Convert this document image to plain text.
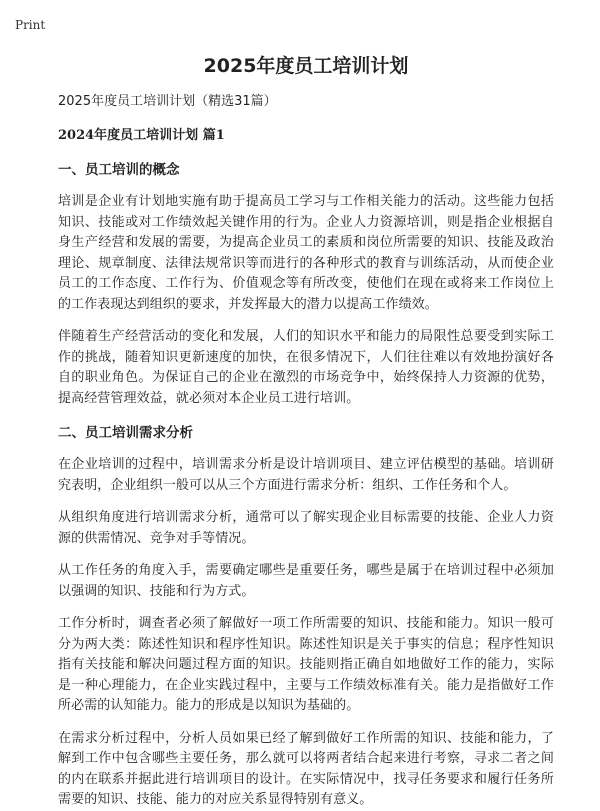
Print
2025年度员工培训计划
2025年度员工培训计划（精选31篇）
2024年度员工培训计划 篇1
一、员工培训的概念

培训是企业有计划地实施有助于提高员工学习与工作相关能力的活动。这些能力包括知识、技能或对工作绩效起关键作用的行为。企业人力资源培训，则是指企业根据自身生产经营和发展的需要，为提高企业员工的素质和岗位所需要的知识、技能及政治理论、规章制度、法律法规常识等而进行的各种形式的教育与训练活动，从而使企业员工的工作态度、工作行为、价值观念等有所改变，使他们在现在或将来工作岗位上的工作表现达到组织的要求，并发挥最大的潜力以提高工作绩效。

伴随着生产经营活动的变化和发展，人们的知识水平和能力的局限性总要受到实际工作的挑战，随着知识更新速度的加快，在很多情况下，人们往往难以有效地扮演好各自的职业角色。为保证自己的企业在激烈的市场竞争中，始终保持人力资源的优势，提高经营管理效益，就必须对本企业员工进行培训。

二、员工培训需求分析

在企业培训的过程中，培训需求分析是设计培训项目、建立评估模型的基础。培训研究表明，企业组织一般可以从三个方面进行需求分析：组织、工作任务和个人。

从组织角度进行培训需求分析，通常可以了解实现企业目标需要的技能、企业人力资源的供需情况、竞争对手等情况。

从工作任务的角度入手，需要确定哪些是重要任务，哪些是属于在培训过程中必须加以强调的知识、技能和行为方式。

工作分析时，调查者必须了解做好一项工作所需要的知识、技能和能力。知识一般可分为两大类：陈述性知识和程序性知识。陈述性知识是关于事实的信息；程序性知识指有关技能和解决问题过程方面的知识。技能则指正确自如地做好工作的能力，实际是一种心理能力，在企业实践过程中，主要与工作绩效标准有关。能力是指做好工作所必需的认知能力。能力的形成是以知识为基础的。

在需求分析过程中，分析人员如果已经了解到做好工作所需的知识、技能和能力，了解到工作中包含哪些主要任务，那么就可以将两者结合起来进行考察，寻求二者之间的内在联系并据此进行培训项目的设计。在实际情况中，找寻任务要求和履行任务所需要的知识、技能、能力的对应关系显得特别有意义。
